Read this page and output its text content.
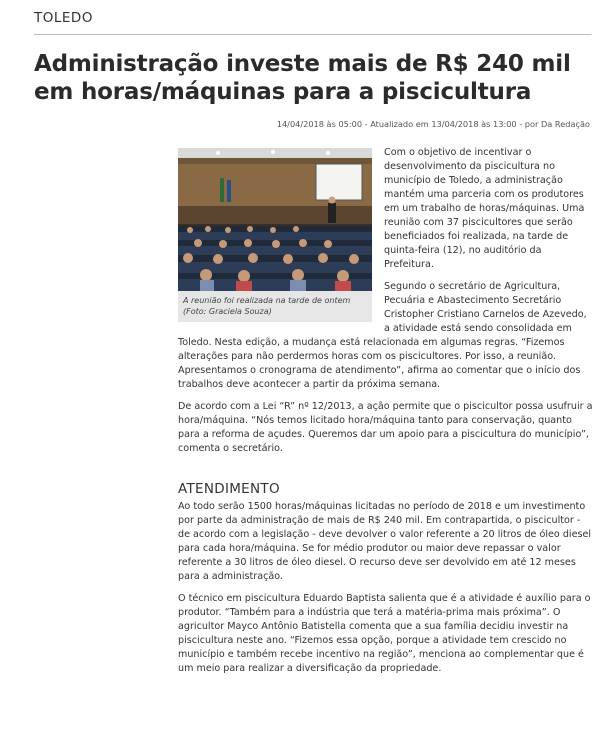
TOLEDO
Administração investe mais de R$ 240 mil em horas/máquinas para a piscicultura
14/04/2018 às 05:00 - Atualizado em 13/04/2018 às 13:00 - por Da Redação
A reunião foi realizada na tarde de ontem (Foto: Graciela Souza)

Com o objetivo de incentivar o desenvolvimento da piscicultura no município de Toledo, a administração mantém uma parceria com os produtores em um trabalho de horas/máquinas. Uma reunião com 37 piscicultores que serão beneficiados foi realizada, na tarde de quinta-feira (12), no auditório da Prefeitura.

Segundo o secretário de Agricultura, Pecuária e Abastecimento Secretário Cristopher Cristiano Carnelos de Azevedo, a atividade está sendo consolidada em Toledo. Nesta edição, a mudança está relacionada em algumas regras. “Fizemos alterações para não perdermos horas com os piscicultores. Por isso, a reunião. Apresentamos o cronograma de atendimento”, afirma ao comentar que o início dos trabalhos deve acontecer a partir da próxima semana.

De acordo com a Lei “R” nº 12/2013, a ação permite que o piscicultor possa usufruir a hora/máquina. “Nós temos licitado hora/máquina tanto para conservação, quanto para a reforma de açudes. Queremos dar um apoio para a piscicultura do município”, comenta o secretário.

ATENDIMENTO

Ao todo serão 1500 horas/máquinas licitadas no período de 2018 e um investimento por parte da administração de mais de R$ 240 mil. Em contrapartida, o piscicultor - de acordo com a legislação - deve devolver o valor referente a 20 litros de óleo diesel para cada hora/máquina. Se for médio produtor ou maior deve repassar o valor referente a 30 litros de óleo diesel. O recurso deve ser devolvido em até 12 meses para a administração.

O técnico em piscicultura Eduardo Baptista salienta que é a atividade é auxílio para o produtor. “Também para a indústria que terá a matéria-prima mais próxima”. O agricultor Mayco Antônio Batistella comenta que a sua família decidiu investir na piscicultura neste ano. “Fizemos essa opção, porque a atividade tem crescido no município e também recebe incentivo na região”, menciona ao complementar que é um meio para realizar a diversificação da propriedade.
